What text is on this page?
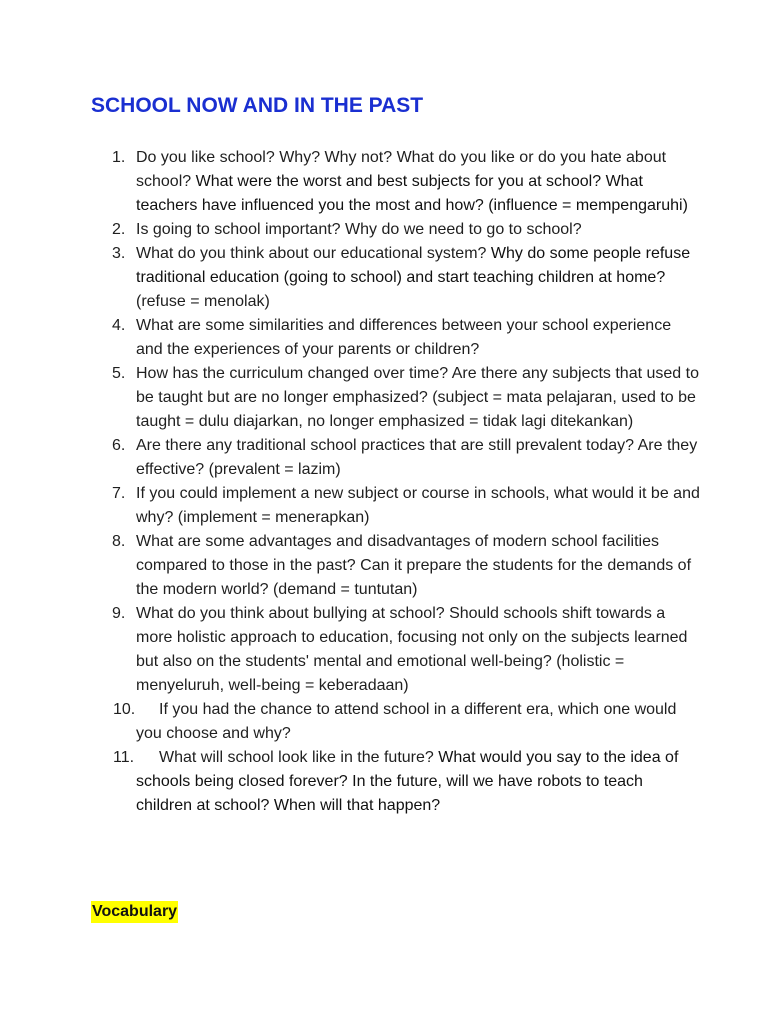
SCHOOL NOW AND IN THE PAST
1. Do you like school? Why? Why not? What do you like or do you hate about school? What were the worst and best subjects for you at school? What teachers have influenced you the most and how? (influence = mempengaruhi)
2. Is going to school important? Why do we need to go to school?
3. What do you think about our educational system? Why do some people refuse traditional education (going to school) and start teaching children at home? (refuse = menolak)
4. What are some similarities and differences between your school experience and the experiences of your parents or children?
5. How has the curriculum changed over time? Are there any subjects that used to be taught but are no longer emphasized? (subject = mata pelajaran, used to be taught = dulu diajarkan, no longer emphasized = tidak lagi ditekankan)
6. Are there any traditional school practices that are still prevalent today? Are they effective? (prevalent = lazim)
7. If you could implement a new subject or course in schools, what would it be and why? (implement = menerapkan)
8. What are some advantages and disadvantages of modern school facilities compared to those in the past? Can it prepare the students for the demands of the modern world? (demand = tuntutan)
9. What do you think about bullying at school? Should schools shift towards a more holistic approach to education, focusing not only on the subjects learned but also on the students' mental and emotional well-being? (holistic = menyeluruh, well-being = keberadaan)
10.	If you had the chance to attend school in a different era, which one would you choose and why?
11.	What will school look like in the future? What would you say to the idea of schools being closed forever? In the future, will we have robots to teach children at school? When will that happen?

Vocabulary
